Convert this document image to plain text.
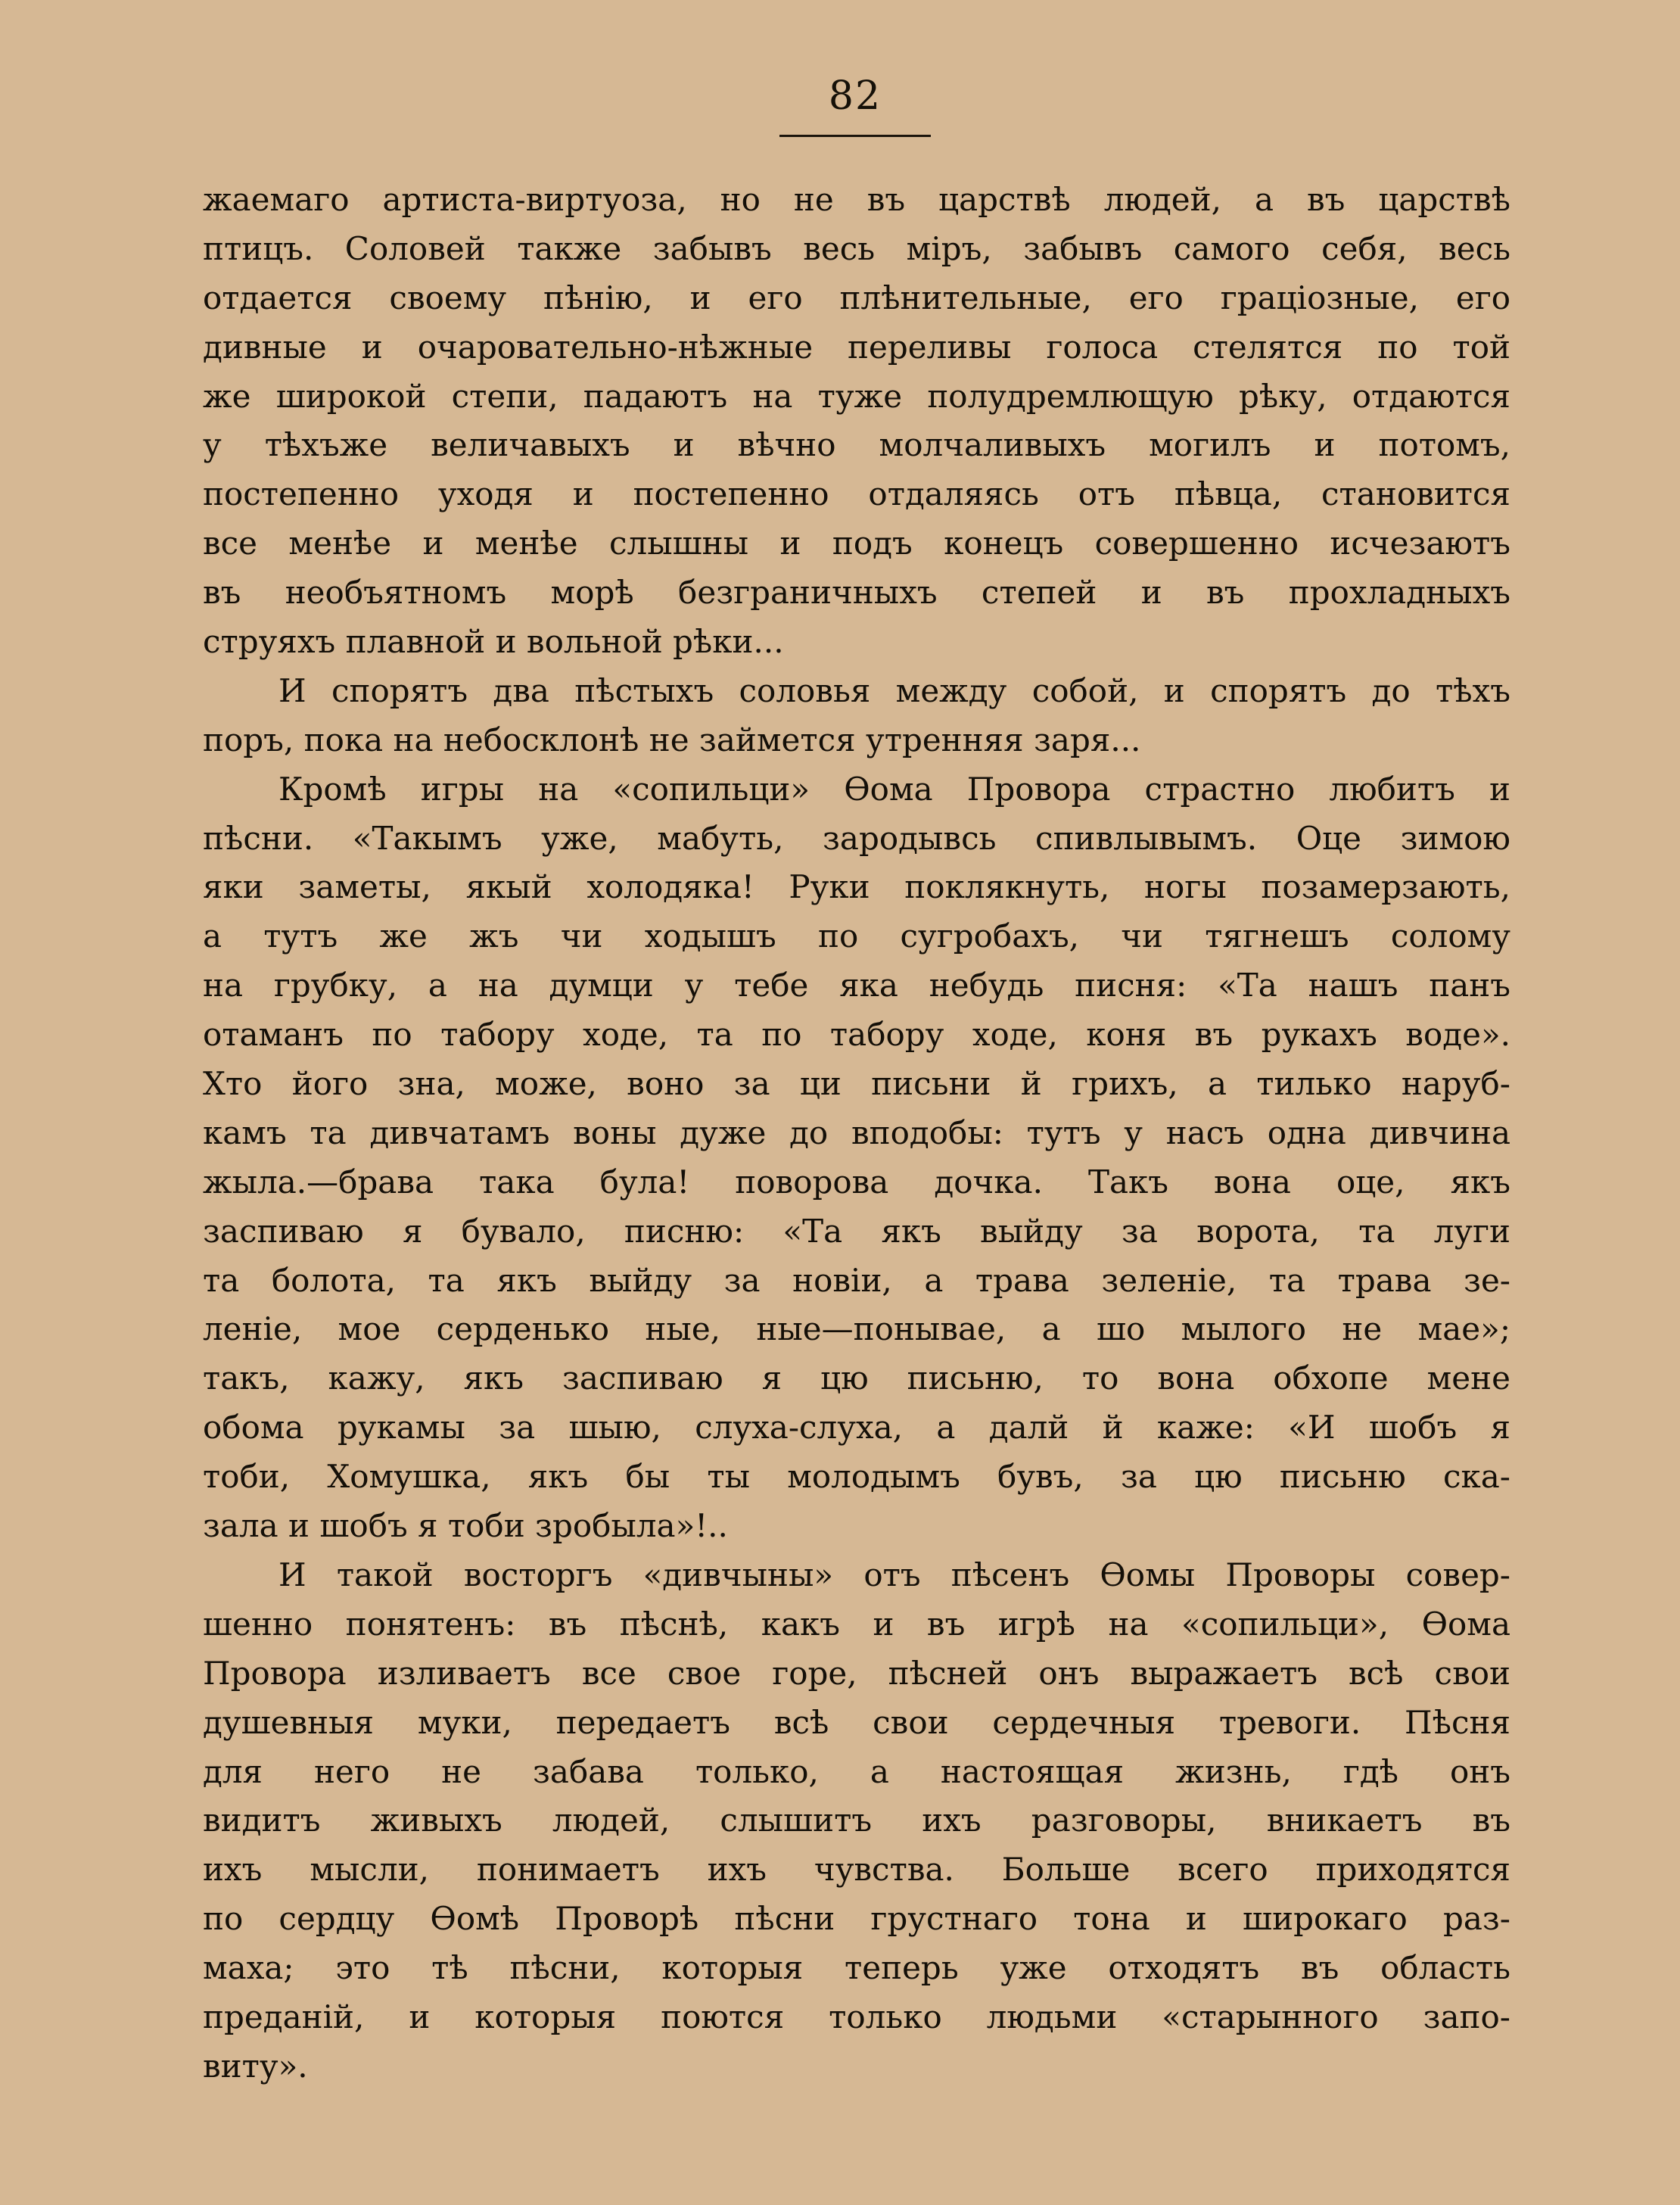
82
жаемаго артиста-виртуоза, но не въ царствѣ людей, а въ царствѣ
птицъ. Соловей также забывъ весь міръ, забывъ самого себя, весь
отдается своему пѣнію, и его плѣнительные, его граціозные, его
дивные и очаровательно-нѣжные переливы голоса стелятся по той
же широкой степи, падаютъ на туже полудремлющую рѣку, отдаются
у тѣхъже величавыхъ и вѣчно молчаливыхъ могилъ и потомъ,
постепенно уходя и постепенно отдаляясь отъ пѣвца, становится
все менѣе и менѣе слышны и подъ конецъ совершенно исчезаютъ
въ необъятномъ морѣ безграничныхъ степей и въ прохладныхъ
струяхъ плавной и вольной рѣки...
И спорятъ два пѣстыхъ соловья между собой, и спорятъ до тѣхъ
поръ, пока на небосклонѣ не займется утренняя заря...
Кромѣ игры на «сопильци» Ѳома Провора страстно любитъ и
пѣсни. «Такымъ уже, мабуть, зародывсь спивлывымъ. Оце зимою
яки заметы, якый холодяка! Руки поклякнуть, ногы позамерзають,
а тутъ же жъ чи ходышъ по сугробахъ, чи тягнешъ солому
на грубку, а на думци у тебе яка небудь писня: «Та нашъ панъ
отаманъ по табору ходе, та по табору ходе, коня въ рукахъ воде».
Хто його зна, може, воно за ци письни й грихъ, а тилько наруб-
камъ та дивчатамъ воны дуже до вподобы: тутъ у насъ одна дивчина
жыла.—брава така була! поворова дочка. Такъ вона оце, якъ
заспиваю я бувало, писню: «Та якъ выйду за ворота, та луги
та болота, та якъ выйду за новіи, а трава зеленіе, та трава зе-
леніе, мое серденько ные, ные—понывае, а шо мылого не мае»;
такъ, кажу, якъ заспиваю я цю письню, то вона обхопе мене
обома рукамы за шыю, слуха-слуха, а далй й каже: «И шобъ я
тоби, Хомушка, якъ бы ты молодымъ бувъ, за цю письню ска-
зала и шобъ я тоби зробыла»!..
И такой восторгъ «дивчыны» отъ пѣсенъ Ѳомы Проворы совер-
шенно понятенъ: въ пѣснѣ, какъ и въ игрѣ на «сопильци», Ѳома
Провора изливаетъ все свое горе, пѣсней онъ выражаетъ всѣ свои
душевныя муки, передаетъ всѣ свои сердечныя тревоги. Пѣсня
для него не забава только, а настоящая жизнь, гдѣ онъ
видитъ живыхъ людей, слышитъ ихъ разговоры, вникаетъ въ
ихъ мысли, понимаетъ ихъ чувства. Больше всего приходятся
по сердцу Ѳомѣ Проворѣ пѣсни грустнаго тона и широкаго раз-
маха; это тѣ пѣсни, которыя теперь уже отходятъ въ область
преданій, и которыя поются только людьми «старынного запо-
виту».
